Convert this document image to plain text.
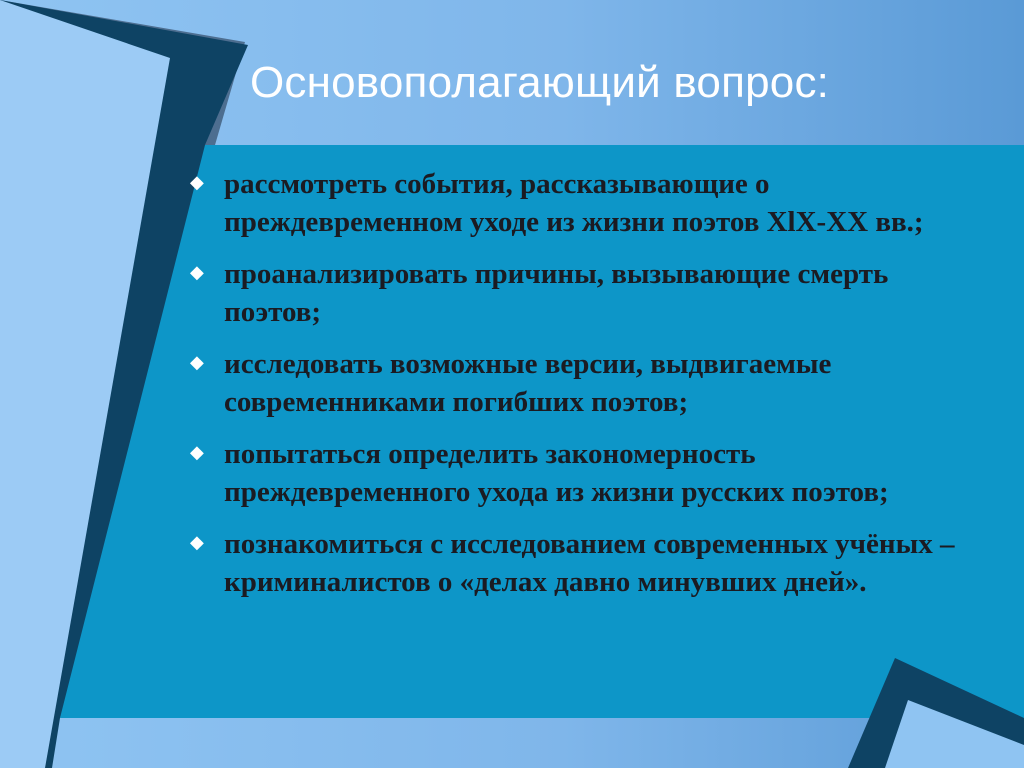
Основополагающий вопрос:
◆ рассмотреть события, рассказывающие о преждевременном уходе из жизни поэтов XlX-XX вв.;
◆ проанализировать причины, вызывающие смерть поэтов;
◆ исследовать возможные версии, выдвигаемые современниками погибших поэтов;
◆ попытаться определить закономерность преждевременного ухода из жизни русских поэтов;
◆ познакомиться с исследованием современных учёных –криминалистов о «делах давно минувших дней».
